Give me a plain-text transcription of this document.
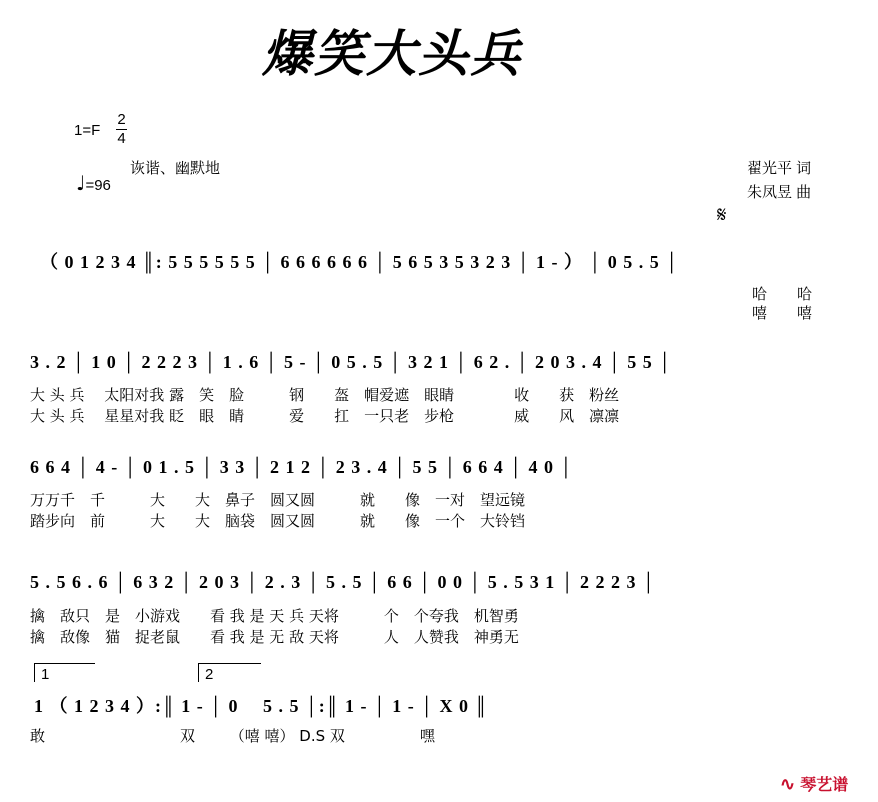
爆笑大头兵
1=F
2
4
诙谐、幽默地
♩=96
翟光平 词
朱凤昱 曲
𝄋
（ 0 1 2 3 4 ║: 5 5 5 5 5 5 │ 6 6 6 6 6 6 │ 5 6 5 3 5 3 2 3 │ 1 - ） │ 0 5 . 5 │
哈　　哈
嘻　　嘻
3 . 2 │ 1 0 │ 2 2 2 3 │ 1 . 6 │ 5 - │ 0 5 . 5 │ 3 2 1 │ 6 2 . │ 2 0 3 . 4 │ 5 5 │
大 头 兵　 太阳对我 露　笑　脸　　　钢　　盔　帽爱遮　眼睛　　　　收　　获　粉丝
大 头 兵　 星星对我 眨　眼　睛　　　爱　　扛　一只老　步枪　　　　威　　风　凛凛
6 6 4 │ 4 - │ 0 1 . 5 │ 3 3 │ 2 1 2 │ 2 3 . 4 │ 5 5 │ 6 6 4 │ 4 0 │
万万千　千　　　大　　大　鼻子　圆又圆　　　就　　像　一对　望远镜
踏步向　前　　　大　　大　脑袋　圆又圆　　　就　　像　一个　大铃铛
5 . 5 6 . 6 │ 6 3 2 │ 2 0 3 │ 2 . 3 │ 5 . 5 │ 6 6 │ 0 0 │ 5 . 5 3 1 │ 2 2 2 3 │
擒　敌只　是　小游戏　　看 我 是 天 兵 天将　　　个　个夸我　机智勇
擒　敌像　猫　捉老鼠　　看 我 是 无 敌 天将　　　人　人赞我　神勇无
1	2
1 （ 1 2 3 4 ）:║ 1 - │ 0　 5 . 5 │:║ 1 - │ 1 - │ X 0 ║
敢　　　　　　　　　双　　 （嘻 嘻） D.S 双　　　　　嘿
∿ 琴艺谱
